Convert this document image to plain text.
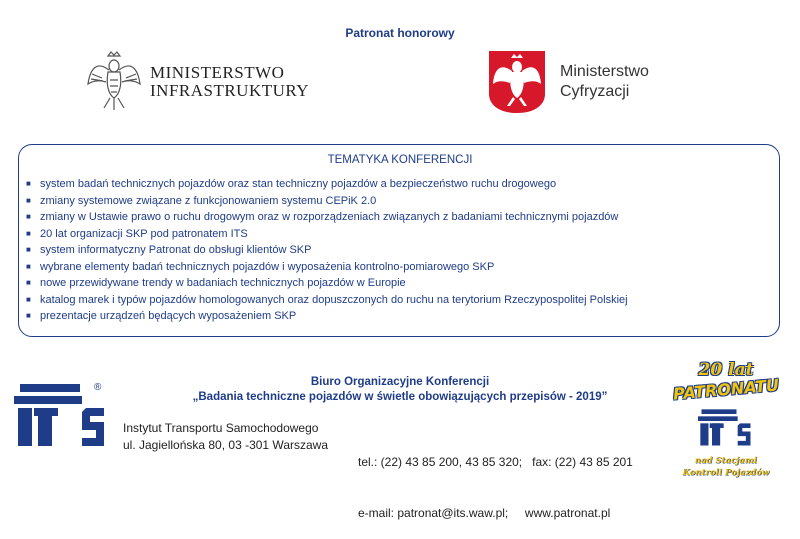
Patronat honorowy
MINISTERSTWO
INFRASTRUKTURY
Ministerstwo
Cyfryzacji
TEMATYKA KONFERENCJI
■ system badań technicznych pojazdów oraz stan techniczny pojazdów a bezpieczeństwo ruchu drogowego
■ zmiany systemowe związane z funkcjonowaniem systemu CEPiK 2.0
■ zmiany w Ustawie prawo o ruchu drogowym oraz w rozporządzeniach związanych z badaniami technicznymi pojazdów
■ 20 lat organizacji SKP pod patronatem ITS
■ system informatyczny Patronat do obsługi klientów SKP
■ wybrane elementy badań technicznych pojazdów i wyposażenia kontrolno-pomiarowego SKP
■ nowe przewidywane trendy w badaniach technicznych pojazdów w Europie
■ katalog marek i typów pojazdów homologowanych oraz dopuszczonych do ruchu na terytorium Rzeczypospolitej Polskiej
■ prezentacje urządzeń będących wyposażeniem SKP
Biuro Organizacyjne Konferencji
„Badania techniczne pojazdów w świetle obowiązujących przepisów - 2019”
®
Instytut Transportu Samochodowego
ul. Jagiellońska 80, 03 -301 Warszawa

tel.: (22) 43 85 200, 43 85 320;   fax: (22) 43 85 201

e-mail: patronat@its.waw.pl;     www.patronat.pl

20 lat
PATRONATU
nad Stacjami
Kontroli Pojazdów
